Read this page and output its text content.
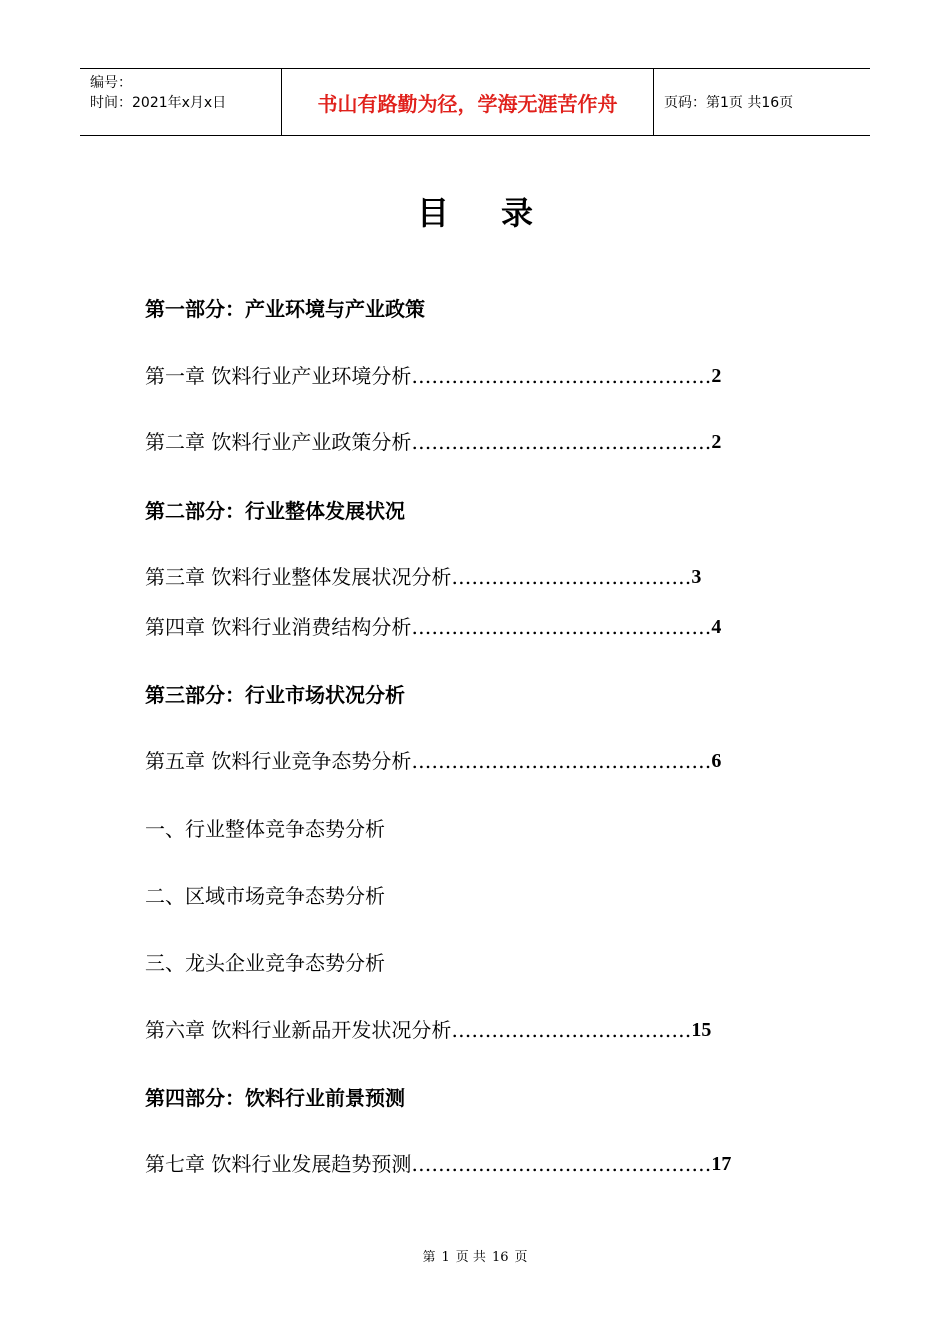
编号：
时间：2021年x月x日	书山有路勤为径，学海无涯苦作舟	页码：第1页 共16页
目录
第一部分：产业环境与产业政策
第一章 饮料行业产业环境分析 ……………………………………… 2
第二章 饮料行业产业政策分析 ……………………………………… 2
第二部分：行业整体发展状况
第三章 饮料行业整体发展状况分析 ……………………………… 3
第四章 饮料行业消费结构分析 ……………………………………… 4
第三部分：行业市场状况分析
第五章 饮料行业竞争态势分析 ……………………………………… 6
一、行业整体竞争态势分析
二、区域市场竞争态势分析
三、龙头企业竞争态势分析
第六章 饮料行业新品开发状况分析 ……………………………… 15
第四部分：饮料行业前景预测
第七章 饮料行业发展趋势预测 ……………………………………… 17
第 1 页 共 16 页
